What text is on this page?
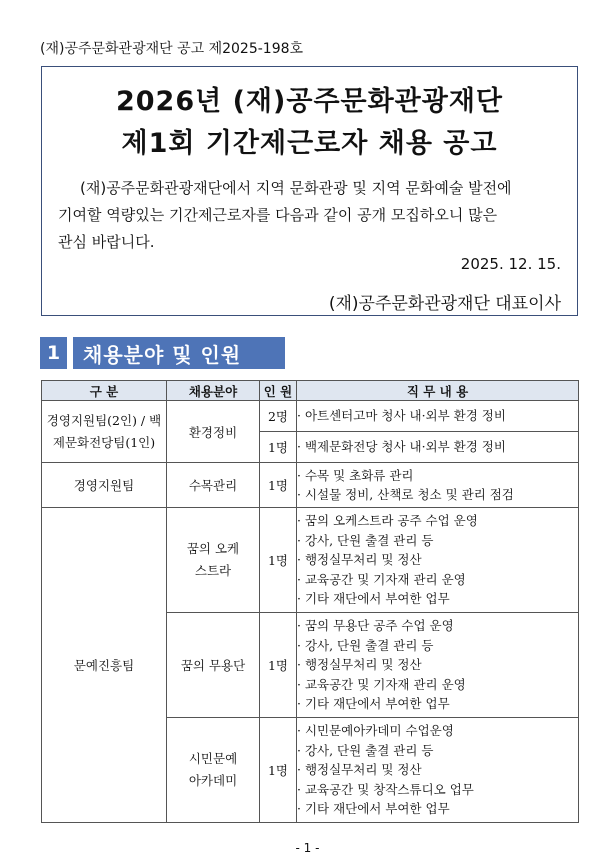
(재)공주문화관광재단 공고 제2025-198호
2026년 (재)공주문화관광재단
제1회 기간제근로자 채용 공고
(재)공주문화관광재단에서 지역 문화관광 및 지역 문화예술 발전에
기여할 역량있는 기간제근로자를 다음과 같이 공개 모집하오니 많은
관심 바랍니다.
2025. 12. 15.
(재)공주문화관광재단 대표이사
1	채용분야 및 인원
구 분	채용분야	인 원	직 무 내 용
경영지원팀(2인) / 백제문화전당팀(1인)	환경정비	2명	· 아트센터고마 청사 내·외부 환경 정비

		1명	· 백제문화전당 청사 내·외부 환경 정비

경영지원팀	수목관리	1명	· 수목 및 초화류 관리
· 시설물 정비, 산책로 청소 및 관리 점검

문예진흥팀	꿈의 오케스트라	1명	· 꿈의 오케스트라 공주 수업 운영
· 강사, 단원 출결 관리 등
· 행정실무처리 및 정산
· 교육공간 및 기자재 관리 운영
· 기타 재단에서 부여한 업무

	꿈의 무용단	1명	· 꿈의 무용단 공주 수업 운영
· 강사, 단원 출결 관리 등
· 행정실무처리 및 정산
· 교육공간 및 기자재 관리 운영
· 기타 재단에서 부여한 업무

	시민문예 아카데미	1명	· 시민문예아카데미 수업운영
· 강사, 단원 출결 관리 등
· 행정실무처리 및 정산
· 교육공간 및 창작스튜디오 업무
· 기타 재단에서 부여한 업무
- 1 -
